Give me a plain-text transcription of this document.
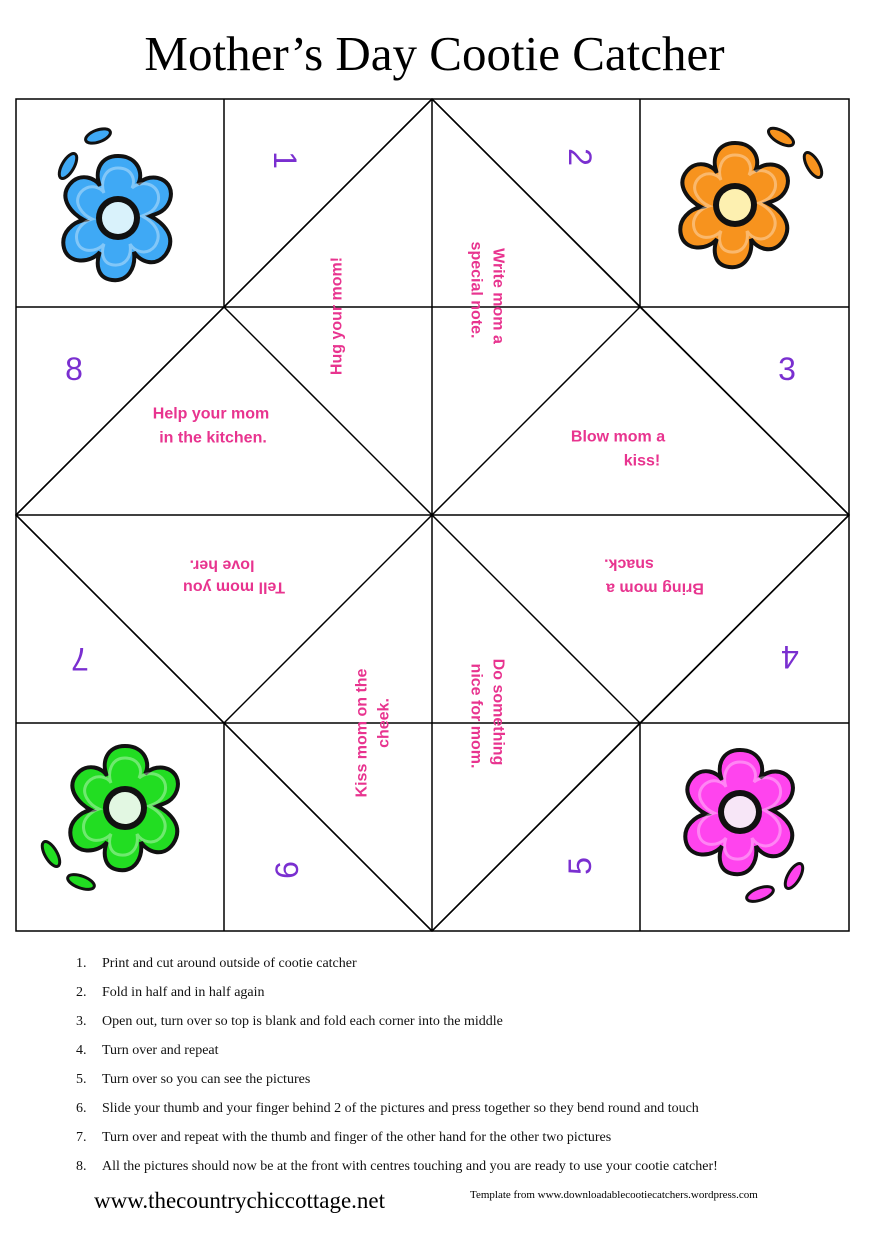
Mother’s Day Cootie Catcher
1	2
3
4
5
6
7
8	Hug your mom!	Write mom a
special note.
Help your mom
in the kitchen.	Blow mom a
kiss!
Bring mom a
snack.
Do something
nice for mom.
Kiss mom on the cheek.
Tell mom you
love her.
1. Print and cut around outside of cootie catcher
2. Fold in half and in half again
3. Open out, turn over so top is blank and fold each corner into the middle
4. Turn over and repeat
5. Turn over so you can see the pictures
6. Slide your thumb and your finger behind 2 of the pictures and press together so they bend round and touch
7. Turn over and repeat with the thumb and finger of the other hand for the other two pictures
8. All the pictures should now be at the front with centres touching and you are ready to use your cootie catcher!
www.thecountrychiccottage.net	Template from www.downloadablecootiecatchers.wordpress.com
